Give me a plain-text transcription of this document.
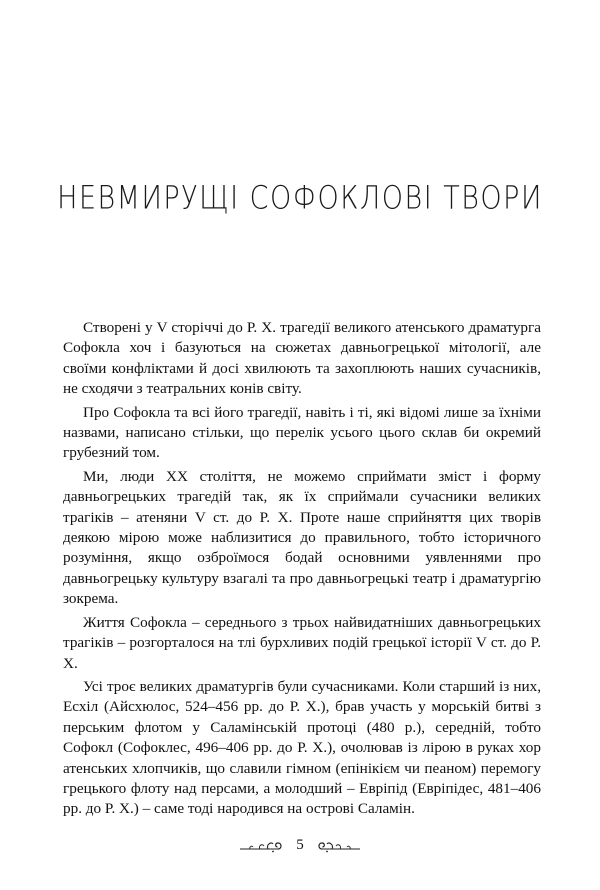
НЕВМИРУЩІ СОФОКЛОВІ ТВОРИ

Створені у V сторіччі до Р. Х. трагедії великого атенського драматурга Софокла хоч і базуються на сюжетах давньогрецької мітології, але своїми конфліктами й досі хвилюють та захоплюють наших сучасників, не сходячи з театральних конів світу.

Про Софокла та всі його трагедії, навіть і ті, які відомі лише за їхніми назвами, написано стільки, що перелік усього цього склав би окремий грубезний том.

Ми, люди XX століття, не можемо сприймати зміст і форму давньогрецьких трагедій так, як їх сприймали сучасники великих трагіків – атеняни V ст. до Р. Х. Проте наше сприйняття цих творів деякою мірою може наблизитися до правильного, тобто історичного розуміння, якщо озброїмося бодай основними уявленнями про давньогрецьку культуру взагалі та про давньогрецькі театр і драматургію зокрема.

Життя Софокла – середнього з трьох найвидатніших давньогрецьких трагіків – розгорталося на тлі бурхливих подій грецької історії V ст. до Р. Х.

Усі троє великих драматургів були сучасниками. Коли старший із них, Есхіл (Айсхюлос, 524–456 рр. до Р. Х.), брав участь у морській битві з перським флотом у Саламінській протоці (480 р.), середній, тобто Софокл (Софоклес, 496–406 рр. до Р. Х.), очолював із лірою в руках хор атенських хлопчиків, що славили гімном (епінікієм чи пеаном) перемогу грецького флоту над персами, а молодший – Евріпід (Евріпідес, 481–406 рр. до Р. Х.) – саме тоді народився на острові Саламін.

5
